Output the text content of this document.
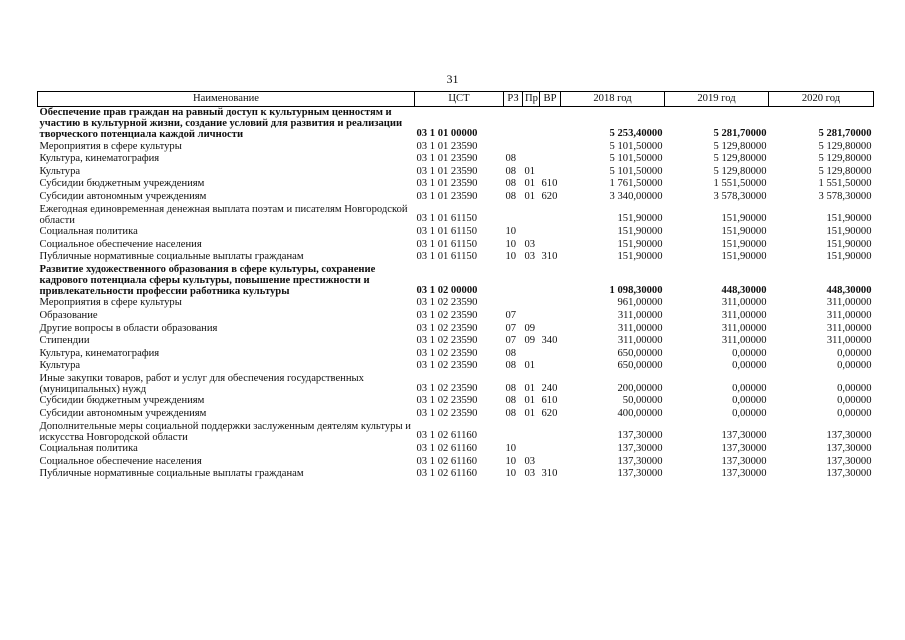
31
Наименование	ЦСТ	РЗ	Пр	ВР	2018 год	2019 год	2020 год
Обеспечение прав граждан на равный доступ к культурным ценностям и участию в культурной жизни, создание условий для развития и реализации творческого потенциала каждой личности	03 1 01 00000				5 253,40000	5 281,70000	5 281,70000
Мероприятия в сфере культуры	03 1 01 23590				5 101,50000	5 129,80000	5 129,80000
Культура, кинематография	03 1 01 23590	08			5 101,50000	5 129,80000	5 129,80000
Культура	03 1 01 23590	08	01		5 101,50000	5 129,80000	5 129,80000
Субсидии бюджетным учреждениям	03 1 01 23590	08	01	610	1 761,50000	1 551,50000	1 551,50000
Субсидии автономным учреждениям	03 1 01 23590	08	01	620	3 340,00000	3 578,30000	3 578,30000
Ежегодная единовременная денежная выплата поэтам и писателям Новгородской области	03 1 01 61150				151,90000	151,90000	151,90000
Социальная политика	03 1 01 61150	10			151,90000	151,90000	151,90000
Социальное обеспечение населения	03 1 01 61150	10	03		151,90000	151,90000	151,90000
Публичные нормативные социальные выплаты гражданам	03 1 01 61150	10	03	310	151,90000	151,90000	151,90000
Развитие художественного образования в сфере культуры, сохранение кадрового потенциала сферы культуры, повышение престижности и привлекательности профессии работника культуры	03 1 02 00000				1 098,30000	448,30000	448,30000
Мероприятия в сфере культуры	03 1 02 23590				961,00000	311,00000	311,00000
Образование	03 1 02 23590	07			311,00000	311,00000	311,00000
Другие вопросы в области образования	03 1 02 23590	07	09		311,00000	311,00000	311,00000
Стипендии	03 1 02 23590	07	09	340	311,00000	311,00000	311,00000
Культура, кинематография	03 1 02 23590	08			650,00000	0,00000	0,00000
Культура	03 1 02 23590	08	01		650,00000	0,00000	0,00000
Иные закупки товаров, работ и услуг для обеспечения государственных (муниципальных) нужд	03 1 02 23590	08	01	240	200,00000	0,00000	0,00000
Субсидии бюджетным учреждениям	03 1 02 23590	08	01	610	50,00000	0,00000	0,00000
Субсидии автономным учреждениям	03 1 02 23590	08	01	620	400,00000	0,00000	0,00000
Дополнительные меры социальной поддержки заслуженным деятелям культуры и искусства Новгородской области	03 1 02 61160				137,30000	137,30000	137,30000
Социальная политика	03 1 02 61160	10			137,30000	137,30000	137,30000
Социальное обеспечение населения	03 1 02 61160	10	03		137,30000	137,30000	137,30000
Публичные нормативные социальные выплаты гражданам	03 1 02 61160	10	03	310	137,30000	137,30000	137,30000
